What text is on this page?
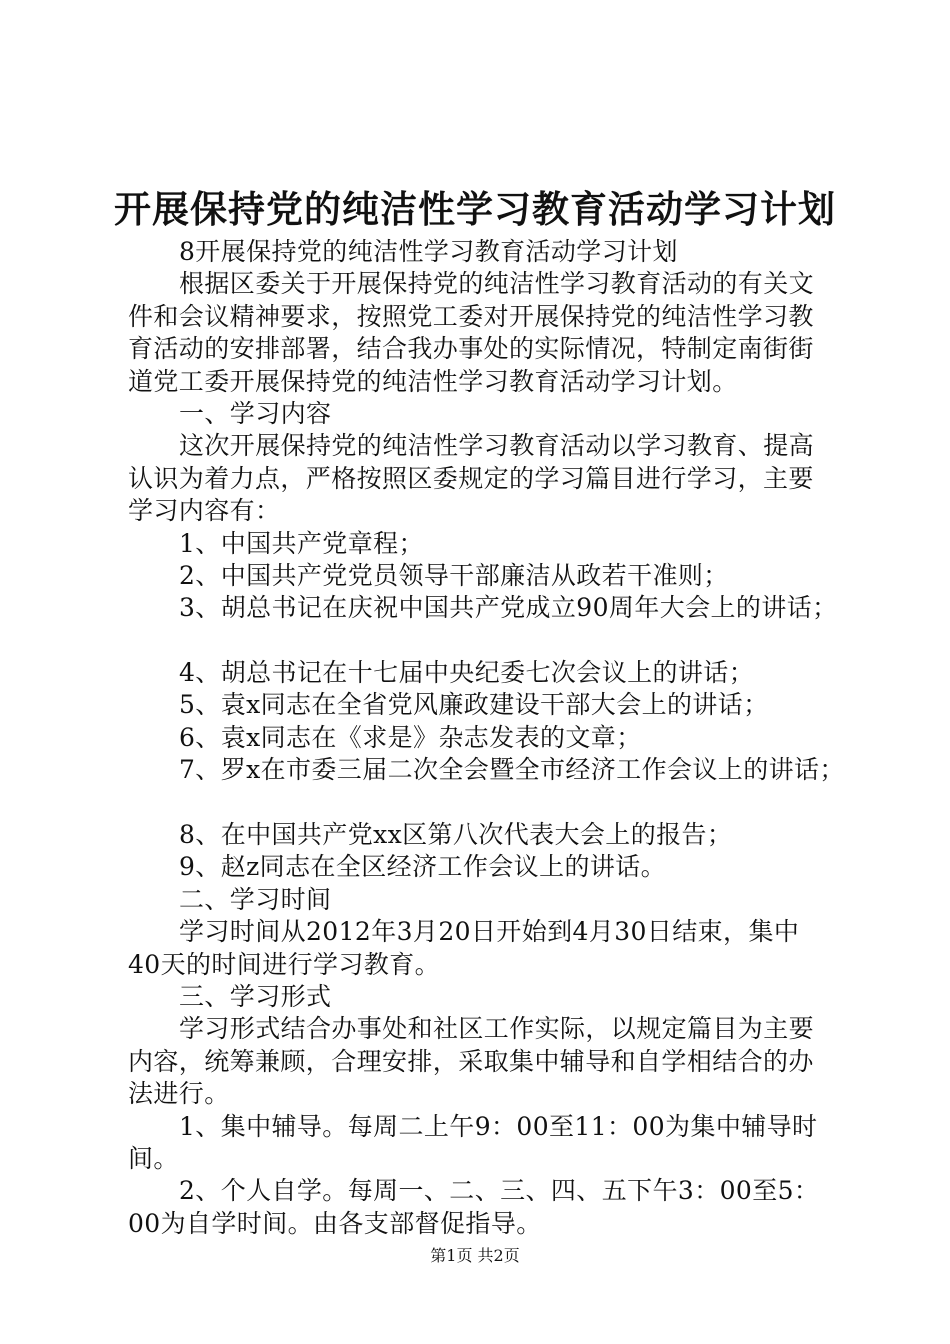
开展保持党的纯洁性学习教育活动学习计划
8开展保持党的纯洁性学习教育活动学习计划
根据区委关于开展保持党的纯洁性学习教育活动的有关文
件和会议精神要求，按照党工委对开展保持党的纯洁性学习教
育活动的安排部署，结合我办事处的实际情况，特制定南街街
道党工委开展保持党的纯洁性学习教育活动学习计划。
一、学习内容
这次开展保持党的纯洁性学习教育活动以学习教育、提高
认识为着力点，严格按照区委规定的学习篇目进行学习，主要
学习内容有：
1、中国共产党章程；
2、中国共产党党员领导干部廉洁从政若干准则；
3、胡总书记在庆祝中国共产党成立90周年大会上的讲话；
4、胡总书记在十七届中央纪委七次会议上的讲话；
5、袁x同志在全省党风廉政建设干部大会上的讲话；
6、袁x同志在《求是》杂志发表的文章；
7、罗x在市委三届二次全会暨全市经济工作会议上的讲话；
8、在中国共产党xx区第八次代表大会上的报告；
9、赵z同志在全区经济工作会议上的讲话。
二、学习时间
学习时间从2012年3月20日开始到4月30日结束，集中
40天的时间进行学习教育。
三、学习形式
学习形式结合办事处和社区工作实际，以规定篇目为主要
内容，统筹兼顾，合理安排，采取集中辅导和自学相结合的办
法进行。
1、集中辅导。每周二上午9：00至11：00为集中辅导时
间。
2、个人自学。每周一、二、三、四、五下午3：00至5：
00为自学时间。由各支部督促指导。
第1页 共2页
